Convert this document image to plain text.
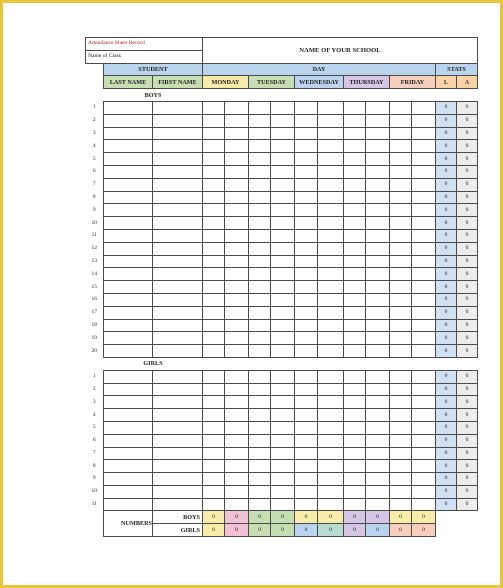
Attendance Sheet Record			NAME OF YOUR SCHOOL											
Name of Class														
	STUDENT		DAY										STATS	
	LAST NAME	FIRST NAME	MONDAY		TUESDAY		WEDNESDAY		THURSDAY		FRIDAY		L	A
	BOYS													
1													0	0
2													0	0
3													0	0
4													0	0
5													0	0
6													0	0
7													0	0
8													0	0
9													0	0
10													0	0
11													0	0
12													0	0
13													0	0
14													0	0
15													0	0
16													0	0
17													0	0
18													0	0
19													0	0
20													0	0
	GIRLS													
1													0	0
2													0	0
3													0	0
4													0	0
5													0	0
6													0	0
7													0	0
8													0	0
9													0	0
10													0	0
11													0	0
	NUMBERS	BOYS	0	0	0	0	0	0	0	0	0	0		
		GIRLS	0	0	0	0	0	0	0	0	0	0		
